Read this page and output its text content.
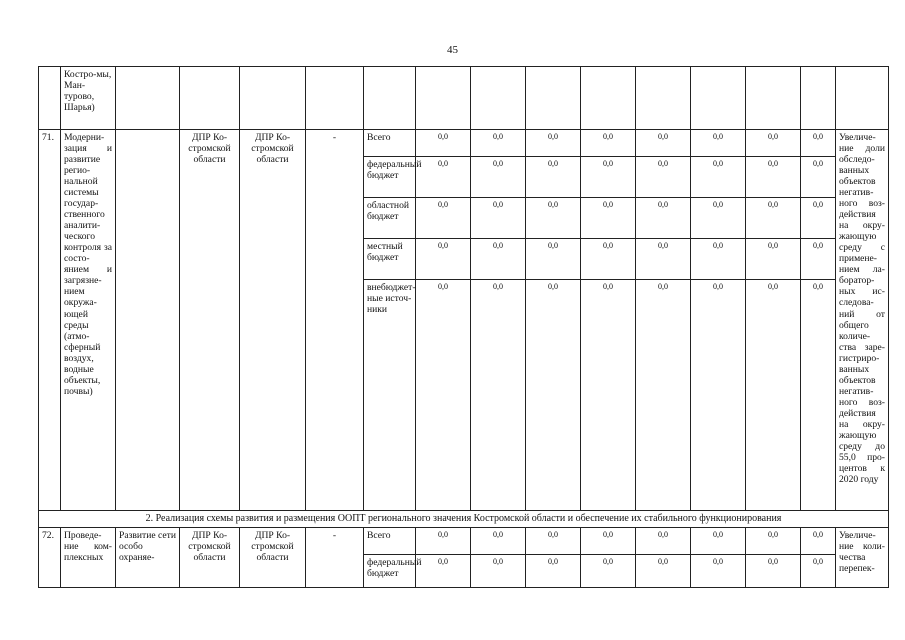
45
	Костро-мы, Ман-турово, Шарья)														
71.	Модерни-зация и развитие регио-нальной системы государ-ственного аналити-ческого контроля за состо-янием и загрязне-нием окружа-ющей среды (атмо-сферный воздух, водные объекты, почвы)		ДПР Ко-стромской области	ДПР Ко-стромской области	-	Всего	0,0	0,0	0,0	0,0	0,0	0,0	0,0	0,0	Увеличе-ние доли обследо-ванных объектов негатив-ного воз-действия на окру-жающую среду с примене-нием ла-боратор-ных ис-следова-ний от общего количе-ства заре-гистриро-ванных объектов негатив-ного воз-действия на окру-жающую среду до 55,0 про-центов к 2020 году
						федеральный бюджет	0,0	0,0	0,0	0,0	0,0	0,0	0,0	0,0	
						областной бюджет	0,0	0,0	0,0	0,0	0,0	0,0	0,0	0,0	
						местный бюджет	0,0	0,0	0,0	0,0	0,0	0,0	0,0	0,0	
						внебюджет-ные источ-ники	0,0	0,0	0,0	0,0	0,0	0,0	0,0	0,0	
2. Реализация схемы развития и размещения ООПТ регионального значения Костромской области и обеспечение их стабильного функционирования															
72.	Проведе-ние ком-плексных	Развитие сети особо охраняе-	ДПР Ко-стромской области	ДПР Ко-стромской области	-	Всего	0,0	0,0	0,0	0,0	0,0	0,0	0,0	0,0	Увеличе-ние коли-чества перепек-
						федеральный бюджет	0,0	0,0	0,0	0,0	0,0	0,0	0,0	0,0	
